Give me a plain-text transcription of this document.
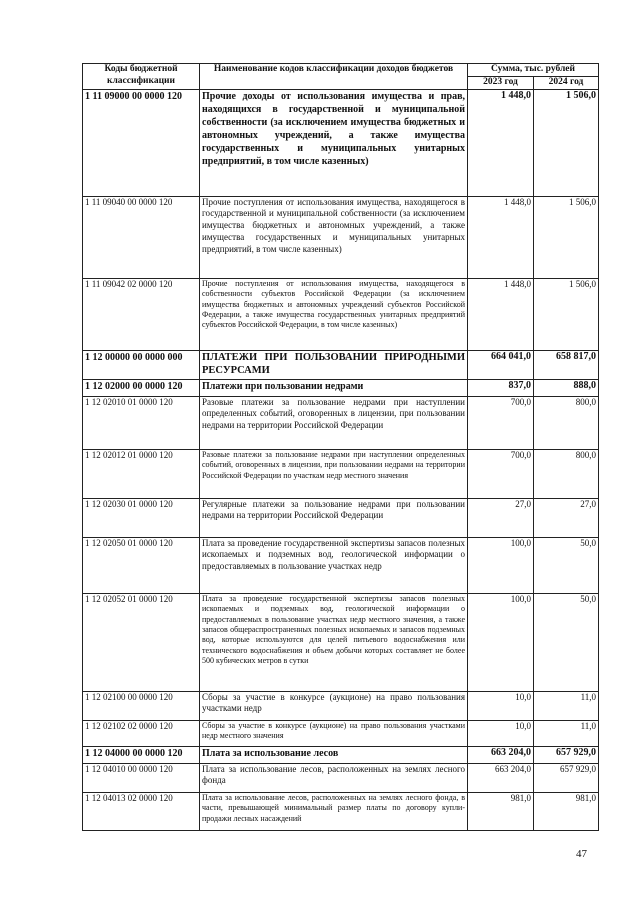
Коды бюджетной классификации	Наименование кодов классификации доходов бюджетов	Сумма, тыс. рублей	
		2023 год	2024 год
1 11 09000 00 0000 120	Прочие доходы от использования имущества и прав, находящихся в государственной и муниципальной собственности (за исключением имущества бюджетных и автономных учреждений, а также имущества государственных и муниципальных унитарных предприятий, в том числе казенных)	1 448,0	1 506,0
1 11 09040 00 0000 120	Прочие поступления от использования имущества, находящегося в государственной и муниципальной собственности (за исключением имущества бюджетных и автономных учреждений, а также имущества государственных и муниципальных унитарных предприятий, в том числе казенных)	1 448,0	1 506,0
1 11 09042 02 0000 120	Прочие поступления от использования имущества, находящегося в собственности субъектов Российской Федерации (за исключением имущества бюджетных и автономных учреждений субъектов Российской Федерации, а также имущества государственных унитарных предприятий субъектов Российской Федерации, в том числе казенных)	1 448,0	1 506,0
1 12 00000 00 0000 000	ПЛАТЕЖИ ПРИ ПОЛЬЗОВАНИИ ПРИРОДНЫМИ РЕСУРСАМИ	664 041,0	658 817,0
1 12 02000 00 0000 120	Платежи при пользовании недрами	837,0	888,0
1 12 02010 01 0000 120	Разовые платежи за пользование недрами при наступлении определенных событий, оговоренных в лицензии, при пользовании недрами на территории Российской Федерации	700,0	800,0
1 12 02012 01 0000 120	Разовые платежи за пользование недрами при наступлении определенных событий, оговоренных в лицензии, при пользовании недрами на территории Российской Федерации по участкам недр местного значения	700,0	800,0
1 12 02030 01 0000 120	Регулярные платежи за пользование недрами при пользовании недрами на территории Российской Федерации	27,0	27,0
1 12 02050 01 0000 120	Плата за проведение государственной экспертизы запасов полезных ископаемых и подземных вод, геологической информации о предоставляемых в пользование участках недр	100,0	50,0
1 12 02052 01 0000 120	Плата за проведение государственной экспертизы запасов полезных ископаемых и подземных вод, геологической информации о предоставляемых в пользование участках недр местного значения, а также запасов общераспространенных полезных ископаемых и запасов подземных вод, которые используются для целей питьевого водоснабжения или технического водоснабжения и объем добычи которых составляет не более 500 кубических метров в сутки	100,0	50,0
1 12 02100 00 0000 120	Сборы за участие в конкурсе (аукционе) на право пользования участками недр	10,0	11,0
1 12 02102 02 0000 120	Сборы за участие в конкурсе (аукционе) на право пользования участками недр местного значения	10,0	11,0
1 12 04000 00 0000 120	Плата за использование лесов	663 204,0	657 929,0
1 12 04010 00 0000 120	Плата за использование лесов, расположенных на землях лесного фонда	663 204,0	657 929,0
1 12 04013 02 0000 120	Плата за использование лесов, расположенных на землях лесного фонда, в части, превышающей минимальный размер платы по договору купли-продажи лесных насаждений	981,0	981,0
47
